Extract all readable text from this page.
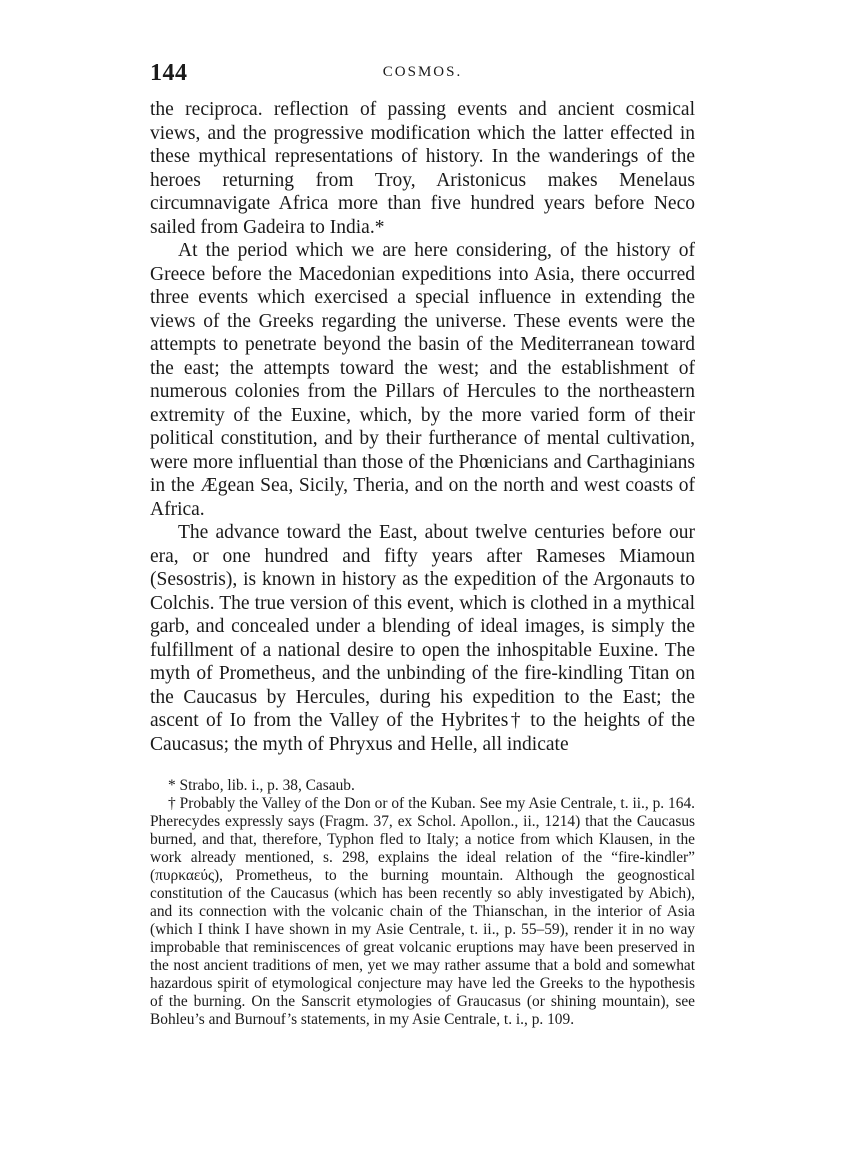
144	COSMOS.

the reciproca. reflection of passing events and ancient cosmical views, and the progressive modification which the latter effected in these mythical representations of history. In the wanderings of the heroes returning from Troy, Aristonicus makes Menelaus circumnavigate Africa more than five hundred years before Neco sailed from Gadeira to India.*

At the period which we are here considering, of the history of Greece before the Macedonian expeditions into Asia, there occurred three events which exercised a special influence in extending the views of the Greeks regarding the universe. These events were the attempts to penetrate beyond the basin of the Mediterranean toward the east; the attempts toward the west; and the establishment of numerous colonies from the Pillars of Hercules to the northeastern extremity of the Euxine, which, by the more varied form of their political constitution, and by their furtherance of mental cultivation, were more influential than those of the Phœnicians and Carthaginians in the Ægean Sea, Sicily, Theria, and on the north and west coasts of Africa.

The advance toward the East, about twelve centuries before our era, or one hundred and fifty years after Rameses Miamoun (Sesostris), is known in history as the expedition of the Argonauts to Colchis. The true version of this event, which is clothed in a mythical garb, and concealed under a blending of ideal images, is simply the fulfillment of a national desire to open the inhospitable Euxine. The myth of Prometheus, and the unbinding of the fire-kindling Titan on the Caucasus by Hercules, during his expedition to the East; the ascent of Io from the Valley of the Hybrites† to the heights of the Caucasus; the myth of Phryxus and Helle, all indicate

* Strabo, lib. i., p. 38, Casaub.

† Probably the Valley of the Don or of the Kuban. See my Asie Centrale, t. ii., p. 164. Pherecydes expressly says (Fragm. 37, ex Schol. Apollon., ii., 1214) that the Caucasus burned, and that, therefore, Typhon fled to Italy; a notice from which Klausen, in the work already mentioned, s. 298, explains the ideal relation of the “fire-kindler” (πυρκαεύς), Prometheus, to the burning mountain. Although the geognostical constitution of the Caucasus (which has been recently so ably investigated by Abich), and its connection with the volcanic chain of the Thianschan, in the interior of Asia (which I think I have shown in my Asie Centrale, t. ii., p. 55–59), render it in no way improbable that reminiscences of great volcanic eruptions may have been preserved in the nost ancient traditions of men, yet we may rather assume that a bold and somewhat hazardous spirit of etymological conjecture may have led the Greeks to the hypothesis of the burning. On the Sanscrit etymologies of Graucasus (or shining mountain), see Bohleu’s and Burnouf’s statements, in my Asie Centrale, t. i., p. 109.
